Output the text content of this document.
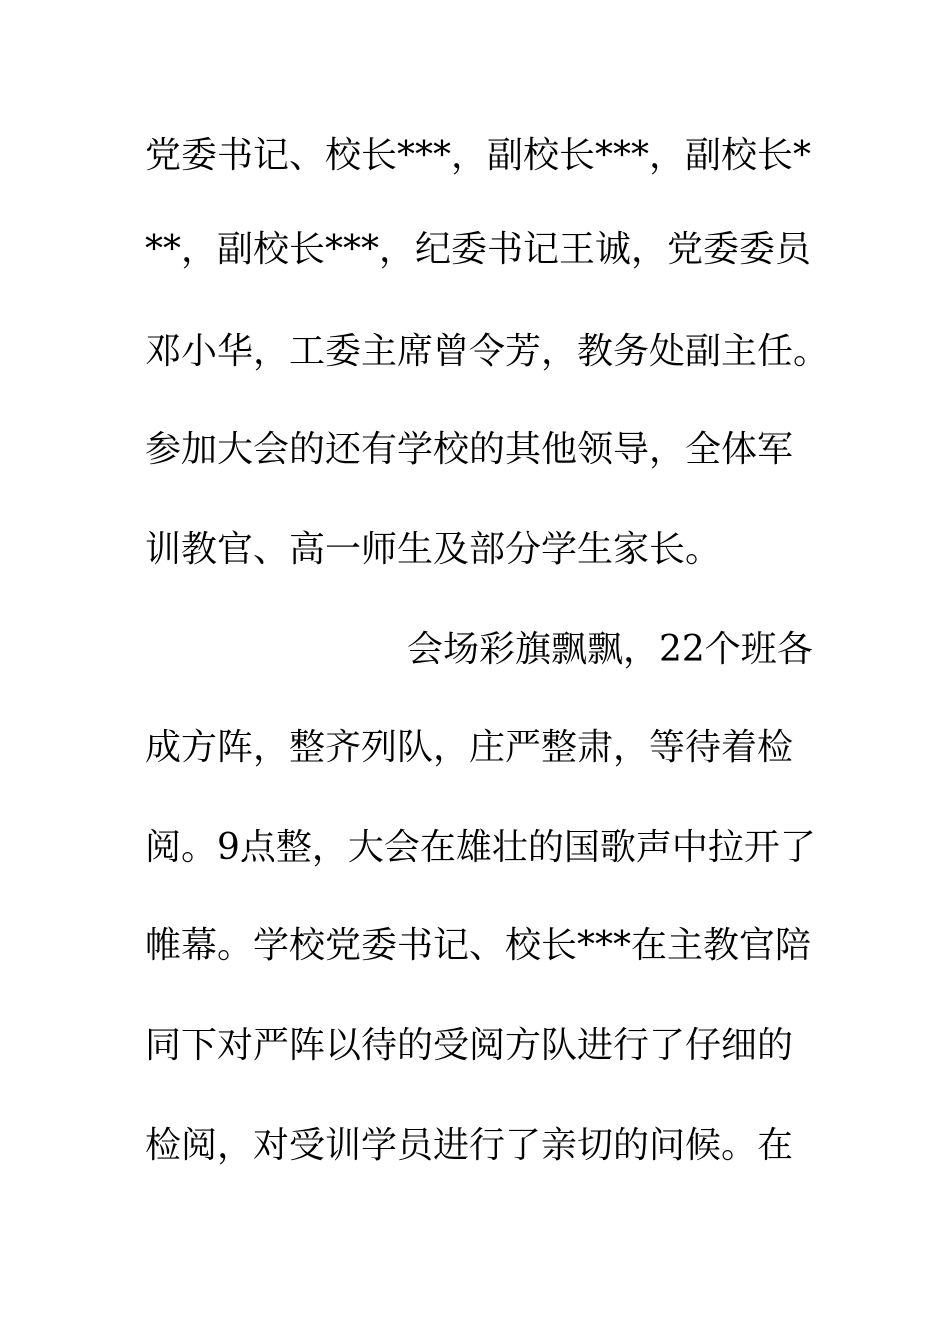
党委书记、校长***，副校长***，副校长*
**，副校长***，纪委书记王诚，党委委员
邓小华，工委主席曾令芳，教务处副主任。
参加大会的还有学校的其他领导，全体军
训教官、高一师生及部分学生家长。
会场彩旗飘飘，22个班各
成方阵，整齐列队，庄严整肃，等待着检
阅。9点整，大会在雄壮的国歌声中拉开了
帷幕。学校党委书记、校长***在主教官陪
同下对严阵以待的受阅方队进行了仔细的
检阅，对受训学员进行了亲切的问候。在
